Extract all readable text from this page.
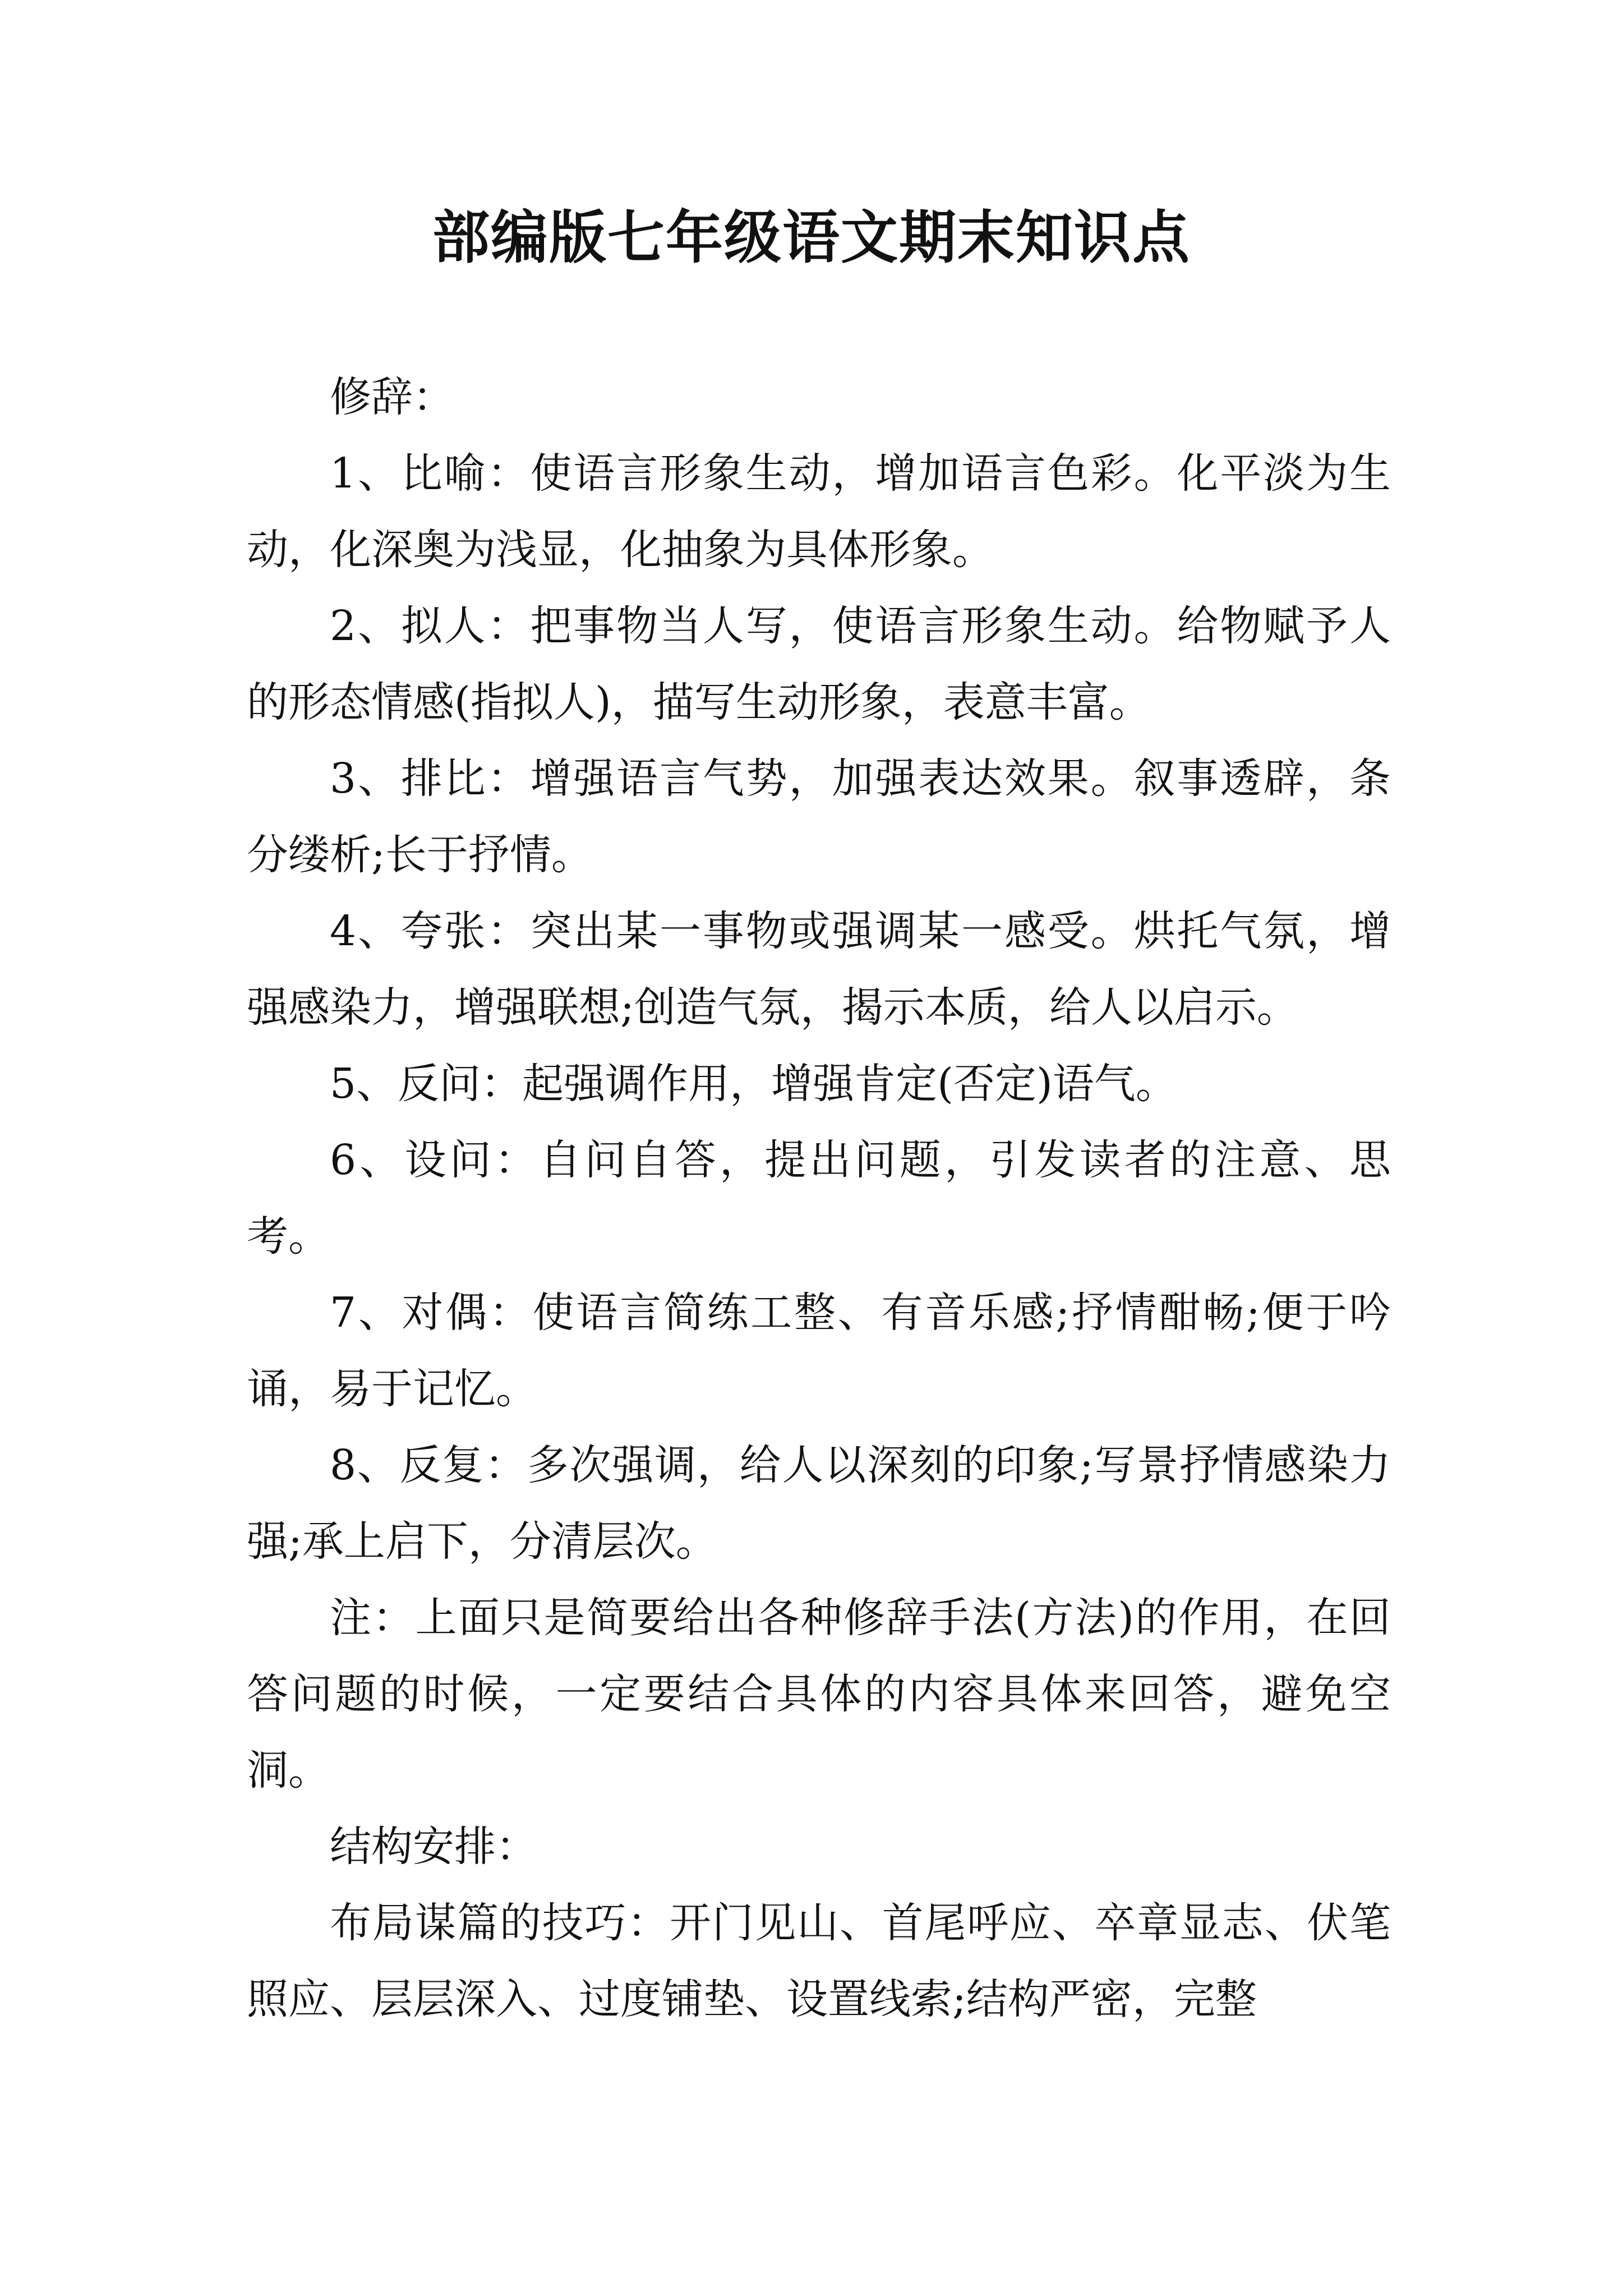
部编版七年级语文期末知识点

修辞：

1、比喻：使语言形象生动，增加语言色彩。化平淡为生动，化深奥为浅显，化抽象为具体形象。

2、拟人：把事物当人写，使语言形象生动。给物赋予人的形态情感(指拟人)，描写生动形象，表意丰富。

3、排比：增强语言气势，加强表达效果。叙事透辟，条分缕析;长于抒情。

4、夸张：突出某一事物或强调某一感受。烘托气氛，增强感染力，增强联想;创造气氛，揭示本质，给人以启示。

5、反问：起强调作用，增强肯定(否定)语气。

6、设问：自问自答，提出问题，引发读者的注意、思考。

7、对偶：使语言简练工整、有音乐感;抒情酣畅;便于吟诵，易于记忆。

8、反复：多次强调，给人以深刻的印象;写景抒情感染力强;承上启下，分清层次。

注：上面只是简要给出各种修辞手法(方法)的作用，在回答问题的时候，一定要结合具体的内容具体来回答，避免空洞。

结构安排：

布局谋篇的技巧：开门见山、首尾呼应、卒章显志、伏笔照应、层层深入、过度铺垫、设置线索;结构严密，完整
